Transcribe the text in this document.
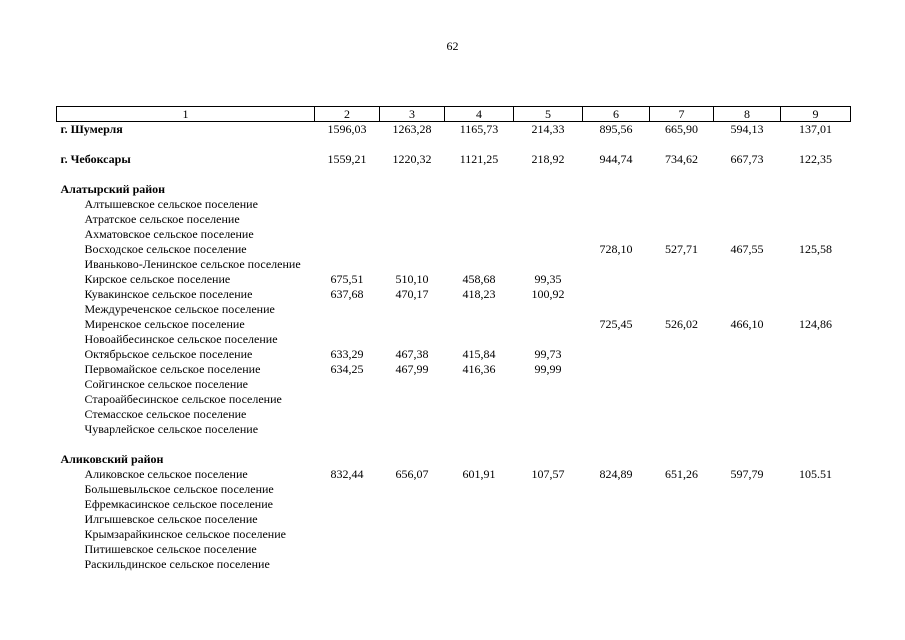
62
1	2	3	4	5	6	7	8	9
г. Шумерля	1596,03	1263,28	1165,73	214,33	895,56	665,90	594,13	137,01

г. Чебоксары	1559,21	1220,32	1121,25	218,92	944,74	734,62	667,73	122,35

Алатырский район								
Алтышевское сельское поселение								
Атратское сельское поселение								
Ахматовское сельское поселение								
Восходское сельское поселение					728,10	527,71	467,55	125,58
Иваньково-Ленинское сельское поселение								
Кирское сельское поселение	675,51	510,10	458,68	99,35				
Кувакинское сельское поселение	637,68	470,17	418,23	100,92				
Междуреченское сельское поселение								
Миренское сельское поселение					725,45	526,02	466,10	124,86
Новоайбесинское сельское поселение								
Октябрьское сельское поселение	633,29	467,38	415,84	99,73				
Первомайское сельское поселение	634,25	467,99	416,36	99,99				
Сойгинское сельское поселение								
Староайбесинское сельское поселение								
Стемасское сельское поселение								
Чуварлейское сельское поселение								

Аликовский район								
Аликовское сельское поселение	832,44	656,07	601,91	107,57	824,89	651,26	597,79	105.51
Большевыльское сельское поселение								
Ефремкасинское сельское поселение								
Илгышевское сельское поселение								
Крымзарайкинское сельское поселение								
Питишевское сельское поселение								
Раскильдинское сельское поселение								
